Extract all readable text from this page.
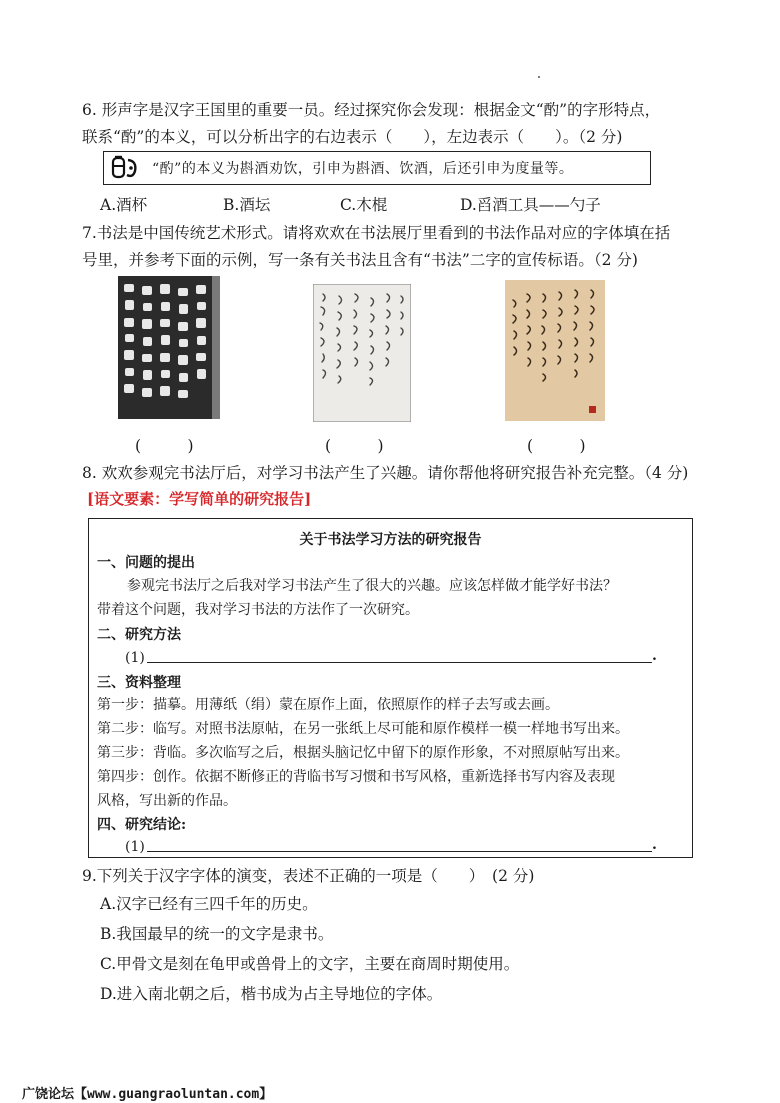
6. 形声字是汉字王国里的重要一员。经过探究你会发现：根据金文“酌”的字形特点，
联系“酌”的本义，可以分析出字的右边表示（　　），左边表示（　　）。（2 分)
“酌”的本义为斟酒劝饮，引申为斟酒、饮酒，后还引申为度量等。
A.酒杯	B.酒坛	C.木棍	D.舀酒工具——勺子
7.书法是中国传统艺术形式。请将欢欢在书法展厅里看到的书法作品对应的字体填在括
号里，并参考下面的示例，写一条有关书法且含有“书法”二字的宣传标语。（2 分)
(　　　)	(　　　)	(　　　)
8. 欢欢参观完书法厅后，对学习书法产生了兴趣。请你帮他将研究报告补充完整。（4 分)
[语文要素：学写简单的研究报告]
关于书法学习方法的研究报告
一、问题的提出
参观完书法厅之后我对学习书法产生了很大的兴趣。应该怎样做才能学好书法？
带着这个问题，我对学习书法的方法作了一次研究。
二、研究方法
(1)	.
三、资料整理
第一步：描摹。用薄纸（绢）蒙在原作上面，依照原作的样子去写或去画。
第二步：临写。对照书法原帖，在另一张纸上尽可能和原作模样一模一样地书写出来。
第三步：背临。多次临写之后，根据头脑记忆中留下的原作形象，不对照原帖写出来。
第四步：创作。依据不断修正的背临书写习惯和书写风格，重新选择书写内容及表现
风格，写出新的作品。
四、研究结论:
(1)	.
9.下列关于汉字字体的演变，表述不正确的一项是（　　）　(2 分)
A.汉字已经有三四千年的历史。
B.我国最早的统一的文字是隶书。
C.甲骨文是刻在龟甲或兽骨上的文字，主要在商周时期使用。
D.进入南北朝之后，楷书成为占主导地位的字体。
广饶论坛【www.guangraoluntan.com】
